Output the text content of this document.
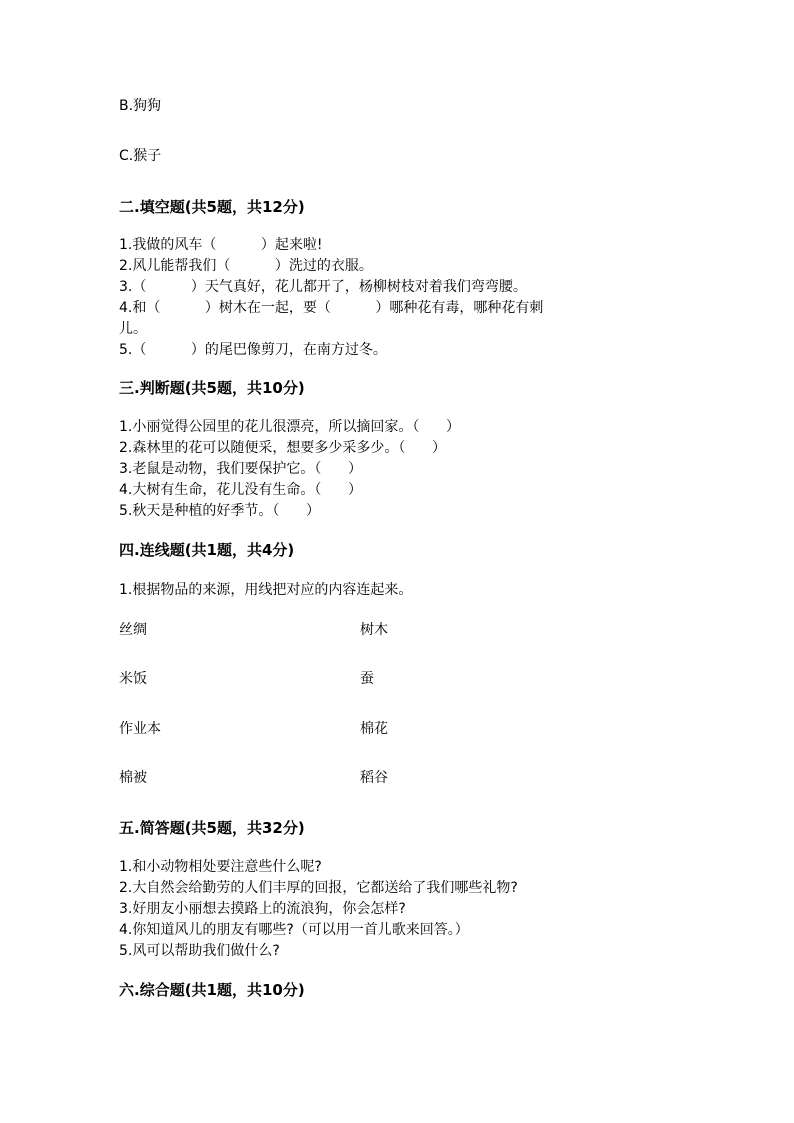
B.狗狗
C.猴子
二.填空题(共5题，共12分)
1.我做的风车（          ）起来啦!
2.风儿能帮我们（          ）洗过的衣服。
3.（          ）天气真好，花儿都开了，杨柳树枝对着我们弯弯腰。
4.和（          ）树木在一起，要（          ）哪种花有毒，哪种花有刺
儿。
5.（          ）的尾巴像剪刀，在南方过冬。
三.判断题(共5题，共10分)
1.小丽觉得公园里的花儿很漂亮，所以摘回家。（      ）
2.森林里的花可以随便采，想要多少采多少。（      ）
3.老鼠是动物，我们要保护它。（      ）
4.大树有生命，花儿没有生命。（      ）
5.秋天是种植的好季节。（      ）
四.连线题(共1题，共4分)
1.根据物品的来源，用线把对应的内容连起来。
丝绸	树木
米饭	蚕
作业本	棉花
棉被	稻谷
五.简答题(共5题，共32分)
1.和小动物相处要注意些什么呢?
2.大自然会给勤劳的人们丰厚的回报，它都送给了我们哪些礼物?
3.好朋友小丽想去摸路上的流浪狗，你会怎样?
4.你知道风儿的朋友有哪些?（可以用一首儿歌来回答。）
5.风可以帮助我们做什么?
六.综合题(共1题，共10分)
